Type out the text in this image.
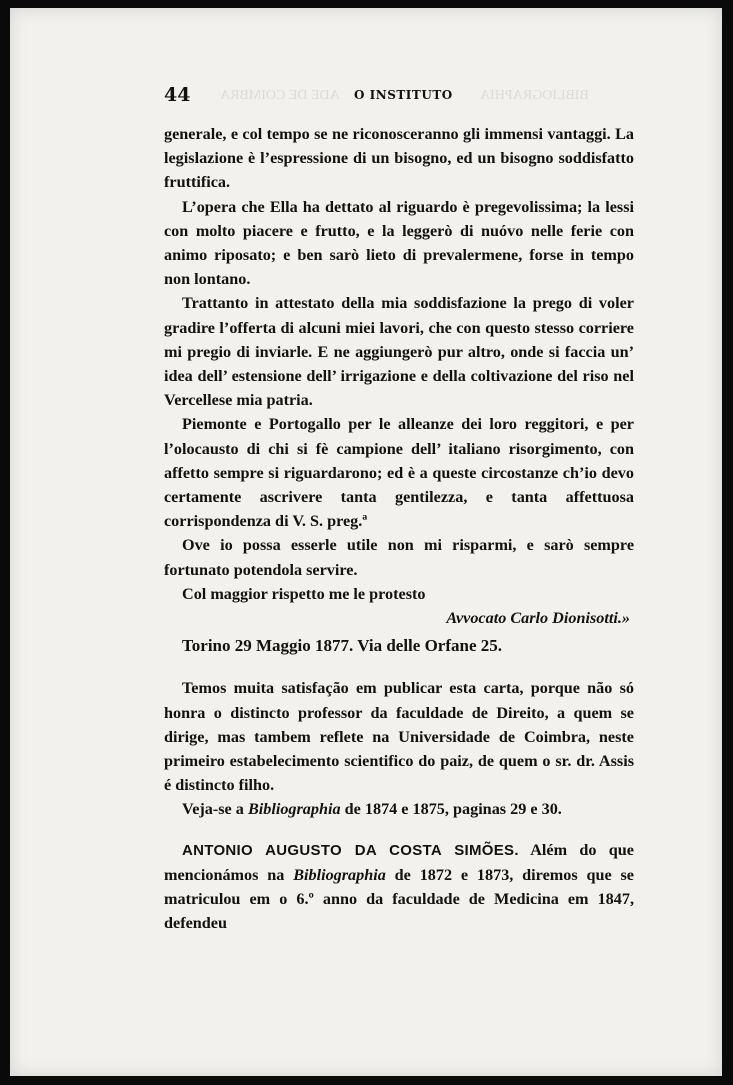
ADE DE COIMBRA	BIBLIOGRAPHIA
44	O INSTITUTO

generale, e col tempo se ne riconosceranno gli immensi vantaggi. La legislazione è l’espressione di un bisogno, ed un bisogno soddisfatto fruttifica.

L’opera che Ella ha dettato al riguardo è pregevolissima; la lessi con molto piacere e frutto, e la leggerò di nuóvo nelle ferie con animo riposato; e ben sarò lieto di prevalermene, forse in tempo non lontano.

Trattanto in attestato della mia soddisfazione la prego di voler gradire l’offerta di alcuni miei lavori, che con questo stesso corriere mi pregio di inviarle. E ne aggiungerò pur altro, onde si faccia un’ idea dell’ estensione dell’ irrigazione e della coltivazione del riso nel Vercellese mia patria.

Piemonte e Portogallo per le alleanze dei loro reggitori, e per l’olocausto di chi si fè campione dell’ italiano risorgimento, con affetto sempre si riguardarono; ed è a queste circostanze ch’io devo certamente ascrivere tanta gentilezza, e tanta affettuosa corrispondenza di V. S. preg.ª

Ove io possa esserle utile non mi risparmi, e sarò sempre fortunato potendola servire.

Col maggior rispetto me le protesto

Avvocato Carlo Dionisotti.»

Torino 29 Maggio 1877. Via delle Orfane 25.

Temos muita satisfação em publicar esta carta, porque não só honra o distincto professor da faculdade de Direito, a quem se dirige, mas tambem reflete na Universidade de Coimbra, neste primeiro estabelecimento scientifico do paiz, de quem o sr. dr. Assis é distincto filho.

Veja-se a Bibliographia de 1874 e 1875, paginas 29 e 30.

ANTONIO AUGUSTO DA COSTA SIMÕES. Além do que mencionámos na Bibliographia de 1872 e 1873, diremos que se matriculou em o 6.º anno da faculdade de Medicina em 1847, defendeu
